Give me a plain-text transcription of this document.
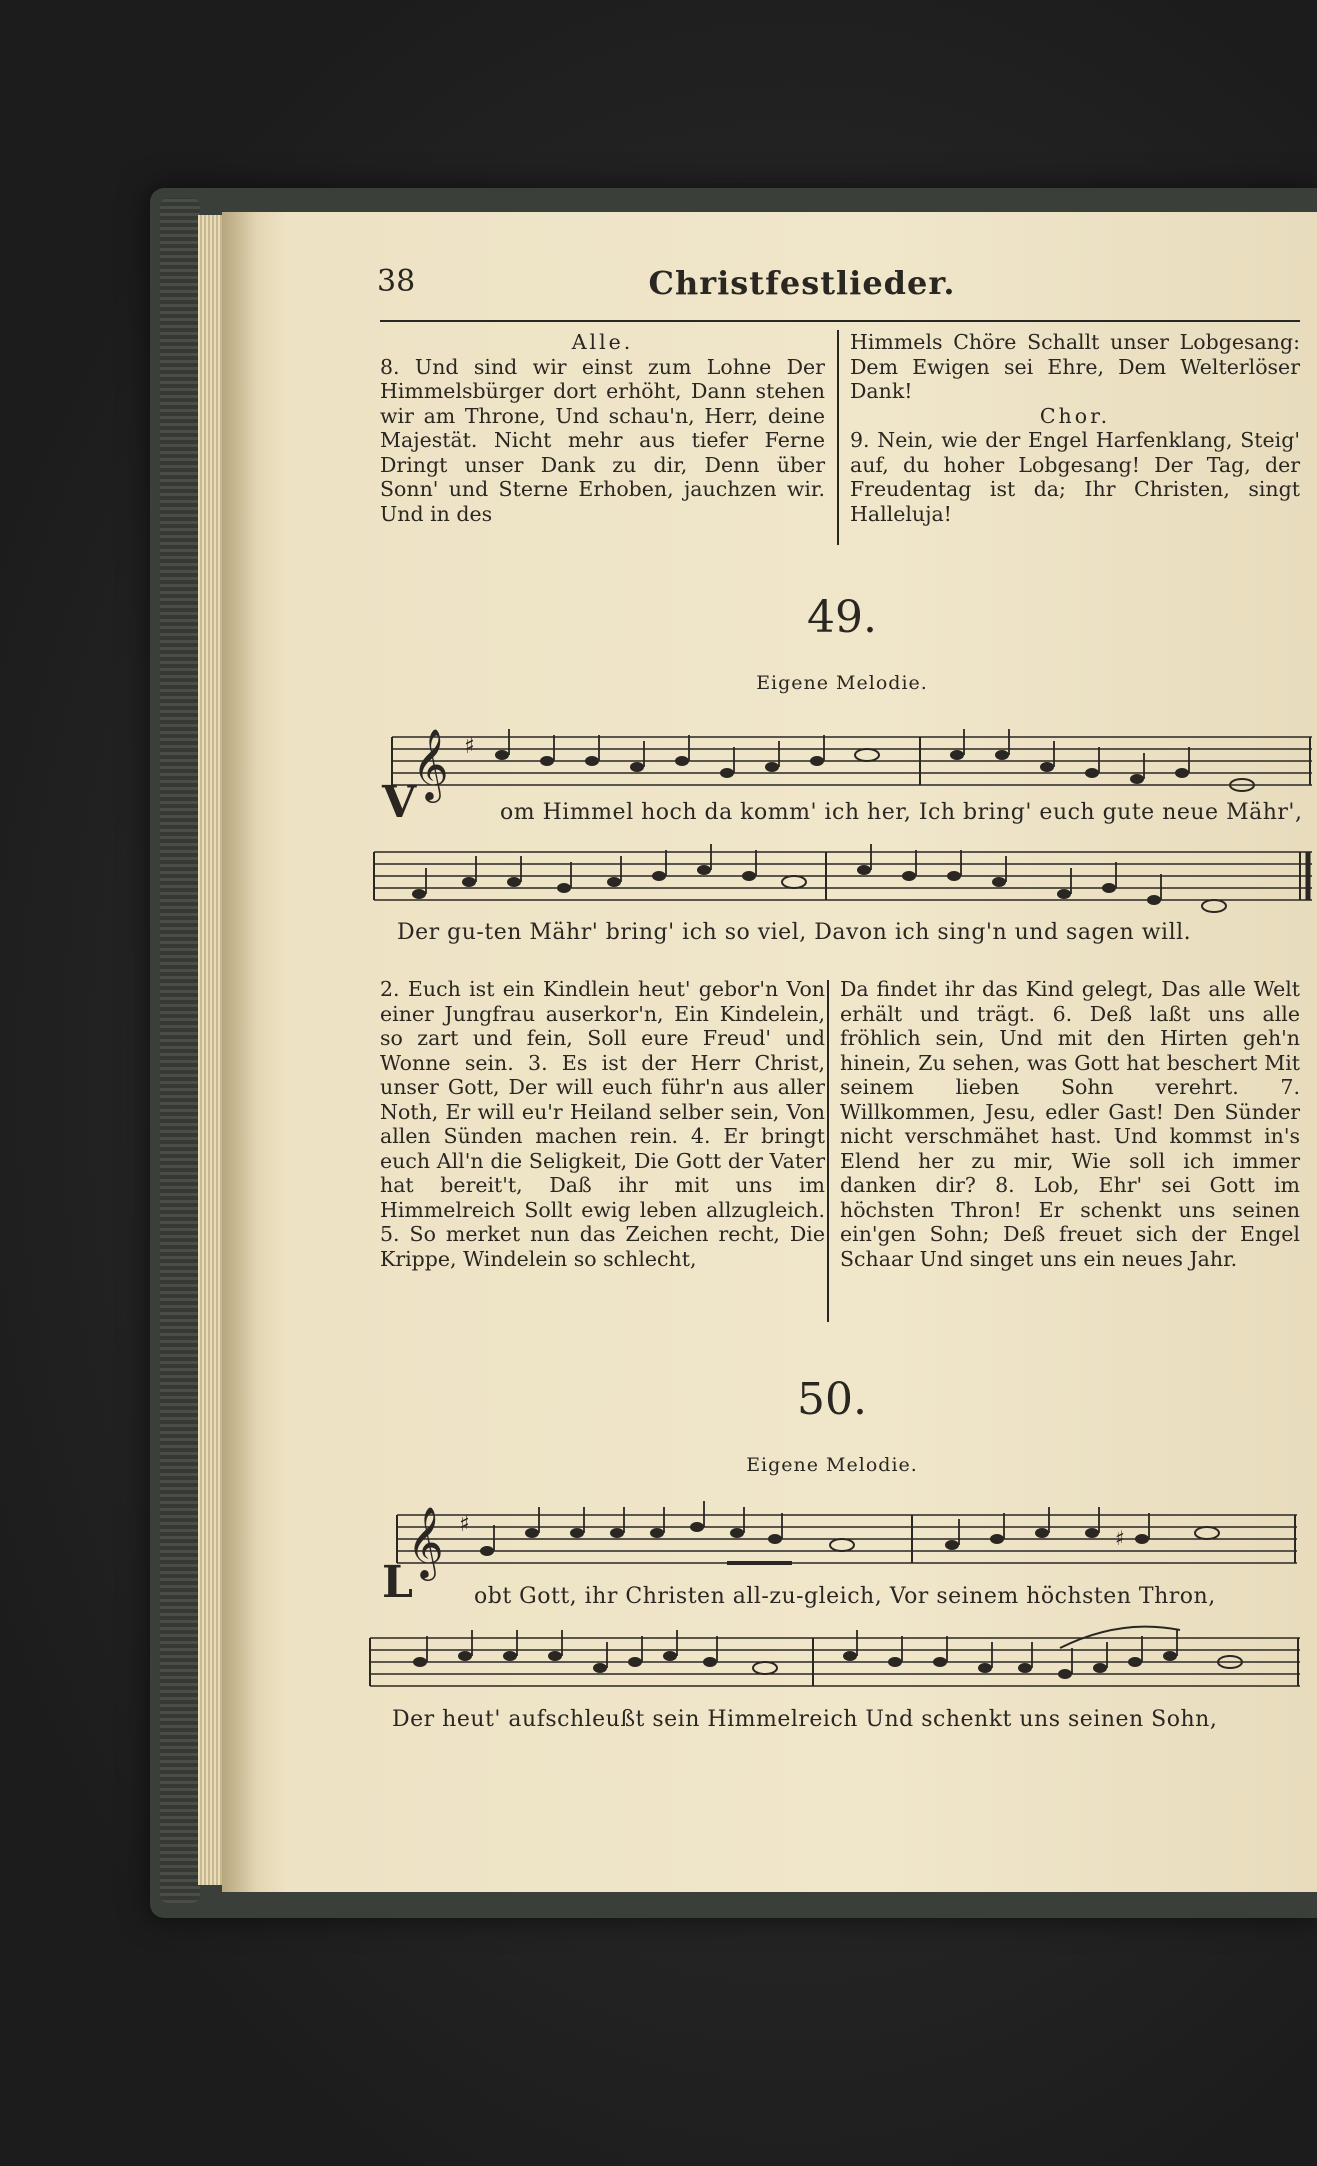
38	Christfestlieder.

Alle.

8. Und sind wir einst zum Lohne Der Himmelsbürger dort erhöht, Dann stehen wir am Throne, Und schau'n, Herr, deine Majestät. Nicht mehr aus tiefer Ferne Dringt unser Dank zu dir, Denn über Sonn' und Sterne Erhoben, jauchzen wir. Und in des

Himmels Chöre Schallt unser Lobgesang: Dem Ewigen sei Ehre, Dem Welterlöser Dank!

Chor.

9. Nein, wie der Engel Harfenklang, Steig' auf, du hoher Lobgesang! Der Tag, der Freudentag ist da; Ihr Christen, singt Halleluja!

49.
Eigene Melodie.
𝄞 ♯
V	om Himmel hoch da komm' ich her, Ich bring' euch gute neue Mähr',
Der gu-ten Mähr' bring' ich so viel, Davon ich sing'n und sagen will.

2. Euch ist ein Kindlein heut' gebor'n Von einer Jungfrau auserkor'n, Ein Kindelein, so zart und fein, Soll eure Freud' und Wonne sein. 3. Es ist der Herr Christ, unser Gott, Der will euch führ'n aus aller Noth, Er will eu'r Heiland selber sein, Von allen Sünden machen rein. 4. Er bringt euch All'n die Seligkeit, Die Gott der Vater hat bereit't, Daß ihr mit uns im Himmelreich Sollt ewig leben allzugleich. 5. So merket nun das Zeichen recht, Die Krippe, Windelein so schlecht,

Da findet ihr das Kind gelegt, Das alle Welt erhält und trägt. 6. Deß laßt uns alle fröhlich sein, Und mit den Hirten geh'n hinein, Zu sehen, was Gott hat beschert Mit seinem lieben Sohn verehrt. 7. Willkommen, Jesu, edler Gast! Den Sünder nicht verschmähet hast. Und kommst in's Elend her zu mir, Wie soll ich immer danken dir? 8. Lob, Ehr' sei Gott im höchsten Thron! Er schenkt uns seinen ein'gen Sohn; Deß freuet sich der Engel Schaar Und singet uns ein neues Jahr.

50.
Eigene Melodie.
𝄞 ♯
♯
L	obt Gott, ihr Christen all-zu-gleich, Vor seinem höchsten Thron,
Der heut' aufschleußt sein Himmelreich Und schenkt uns seinen Sohn,
